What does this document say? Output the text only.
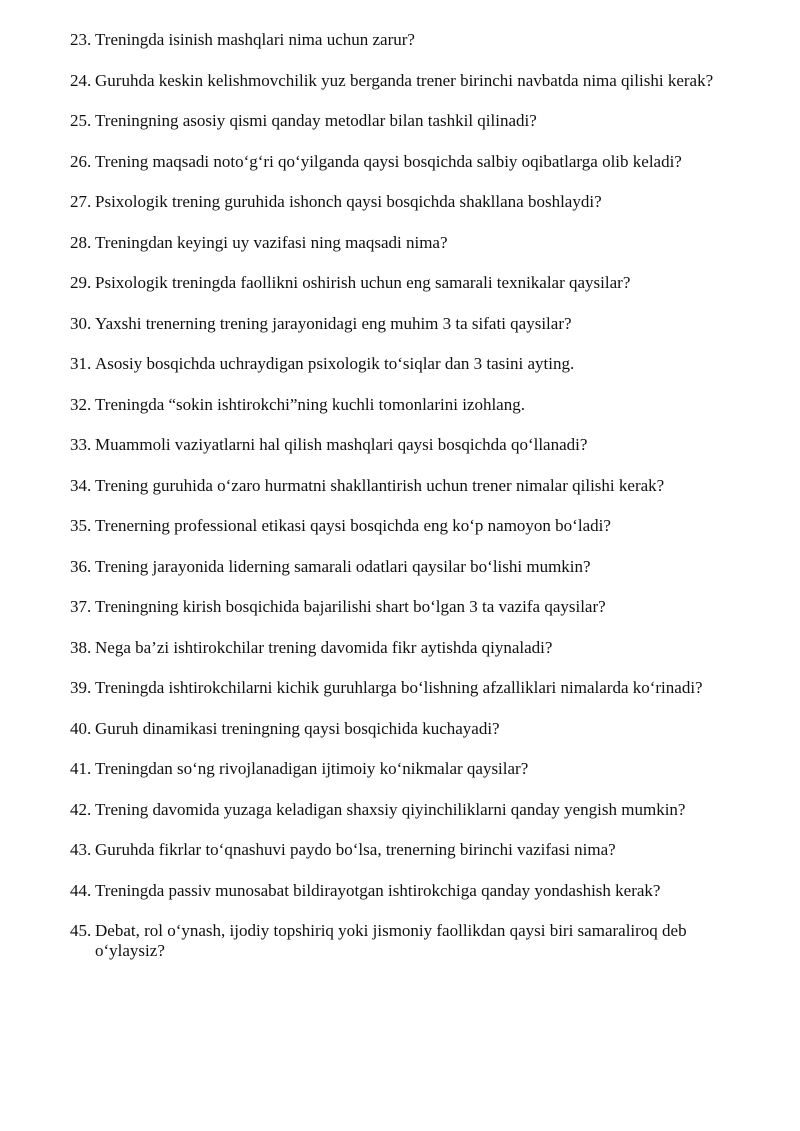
23. Treningda isinish mashqlari nima uchun zarur?
24. Guruhda keskin kelishmovchilik yuz berganda trener birinchi navbatda nima qilishi kerak?
25. Treningning asosiy qismi qanday metodlar bilan tashkil qilinadi?
26. Trening maqsadi noto‘g‘ri qo‘yilganda qaysi bosqichda salbiy oqibatlarga olib keladi?
27. Psixologik trening guruhida ishonch qaysi bosqichda shakllana boshlaydi?
28. Treningdan keyingi uy vazifasi ning maqsadi nima?
29. Psixologik treningda faollikni oshirish uchun eng samarali texnikalar qaysilar?
30. Yaxshi trenerning trening jarayonidagi eng muhim 3 ta sifati qaysilar?
31. Asosiy bosqichda uchraydigan psixologik to‘siqlar dan 3 tasini ayting.
32. Treningda “sokin ishtirokchi”ning kuchli tomonlarini izohlang.
33. Muammoli vaziyatlarni hal qilish mashqlari qaysi bosqichda qo‘llanadi?
34. Trening guruhida o‘zaro hurmatni shakllantirish uchun trener nimalar qilishi kerak?
35. Trenerning professional etikasi qaysi bosqichda eng ko‘p namoyon bo‘ladi?
36. Trening jarayonida liderning samarali odatlari qaysilar bo‘lishi mumkin?
37. Treningning kirish bosqichida bajarilishi shart bo‘lgan 3 ta vazifa qaysilar?
38. Nega ba’zi ishtirokchilar trening davomida fikr aytishda qiynaladi?
39. Treningda ishtirokchilarni kichik guruhlarga bo‘lishning afzalliklari nimalarda ko‘rinadi?
40. Guruh dinamikasi treningning qaysi bosqichida kuchayadi?
41. Treningdan so‘ng rivojlanadigan ijtimoiy ko‘nikmalar qaysilar?
42. Trening davomida yuzaga keladigan shaxsiy qiyinchiliklarni qanday yengish mumkin?
43. Guruhda fikrlar to‘qnashuvi paydo bo‘lsa, trenerning birinchi vazifasi nima?
44. Treningda passiv munosabat bildirayotgan ishtirokchiga qanday yondashish kerak?
45. Debat, rol o‘ynash, ijodiy topshiriq yoki jismoniy faollikdan qaysi biri samaraliroq deb o‘ylaysiz?
